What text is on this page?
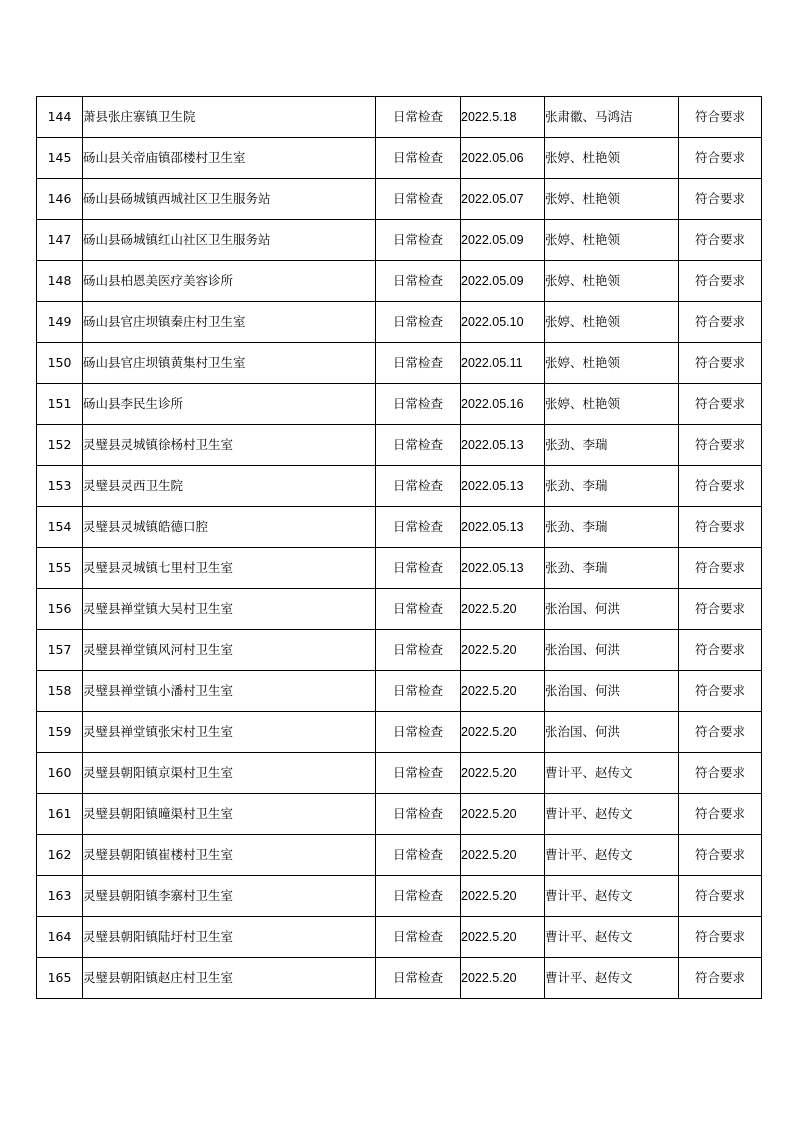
144	萧县张庄寨镇卫生院	日常检查	2022.5.18	张肃徽、马鸿洁	符合要求
145	砀山县关帝庙镇邵楼村卫生室	日常检查	2022.05.06	张婷、杜艳领	符合要求
146	砀山县砀城镇西城社区卫生服务站	日常检查	2022.05.07	张婷、杜艳领	符合要求
147	砀山县砀城镇红山社区卫生服务站	日常检查	2022.05.09	张婷、杜艳领	符合要求
148	砀山县柏恩美医疗美容诊所	日常检查	2022.05.09	张婷、杜艳领	符合要求
149	砀山县官庄坝镇秦庄村卫生室	日常检查	2022.05.10	张婷、杜艳领	符合要求
150	砀山县官庄坝镇黄集村卫生室	日常检查	2022.05.11	张婷、杜艳领	符合要求
151	砀山县李民生诊所	日常检查	2022.05.16	张婷、杜艳领	符合要求
152	灵璧县灵城镇徐杨村卫生室	日常检查	2022.05.13	张劲、李瑞	符合要求
153	灵璧县灵西卫生院	日常检查	2022.05.13	张劲、李瑞	符合要求
154	灵璧县灵城镇皓德口腔	日常检查	2022.05.13	张劲、李瑞	符合要求
155	灵璧县灵城镇七里村卫生室	日常检查	2022.05.13	张劲、李瑞	符合要求
156	灵璧县禅堂镇大吴村卫生室	日常检查	2022.5.20	张治国、何洪	符合要求
157	灵璧县禅堂镇风河村卫生室	日常检查	2022.5.20	张治国、何洪	符合要求
158	灵璧县禅堂镇小潘村卫生室	日常检查	2022.5.20	张治国、何洪	符合要求
159	灵璧县禅堂镇张宋村卫生室	日常检查	2022.5.20	张治国、何洪	符合要求
160	灵璧县朝阳镇京渠村卫生室	日常检查	2022.5.20	曹计平、赵传文	符合要求
161	灵璧县朝阳镇曈渠村卫生室	日常检查	2022.5.20	曹计平、赵传文	符合要求
162	灵璧县朝阳镇崔楼村卫生室	日常检查	2022.5.20	曹计平、赵传文	符合要求
163	灵璧县朝阳镇李寨村卫生室	日常检查	2022.5.20	曹计平、赵传文	符合要求
164	灵璧县朝阳镇陆圩村卫生室	日常检查	2022.5.20	曹计平、赵传文	符合要求
165	灵璧县朝阳镇赵庄村卫生室	日常检查	2022.5.20	曹计平、赵传文	符合要求
